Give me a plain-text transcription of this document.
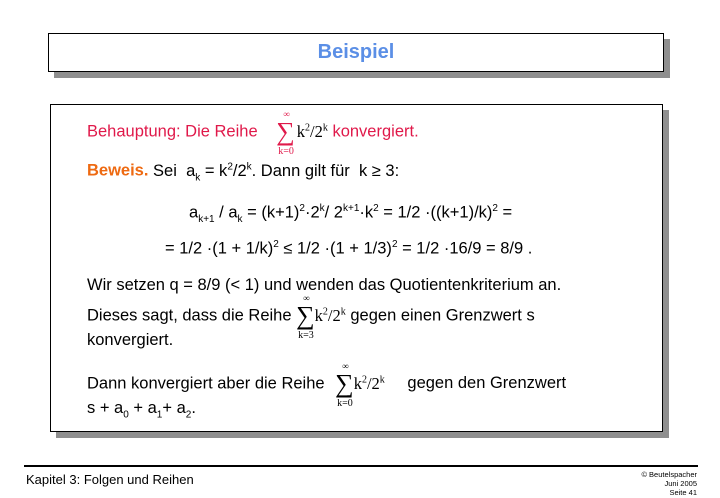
Beispiel
Behauptung: Die Reihe
∞
∑
k=0
$k^2/2^k$ konvergiert.
Beweis. Sei  $a_k = k^2/2^k$. Dann gilt für  k ≥ 3:
$a_{k+1} / a_k = (k+1)^2\cdot 2^k/$ $2^{k+1}\cdot k^2 = 1/2 \cdot((k+1)/k)^2$ =
= $1/2 \cdot(1 + 1/k)^2 \le 1/2 \cdot(1 + 1/3)^2 = 1/2 \cdot 16/9 = 8/9$ .
Wir setzen q = 8/9 (< 1) und wenden das Quotientenkriterium an.
Dieses sagt, dass die Reihe
∞
∑
k=3
$k^2/2^k$ gegen einen Grenzwert s
konvergiert.
Dann konvergiert aber die Reihe
∞
∑
k=0
$k^2/2^k$ gegen den Grenzwert
$s + a_0 + a_1+ a_2$.
Kapitel 3: Folgen und Reihen	© Beutelspacher
Juni 2005
Seite 41
